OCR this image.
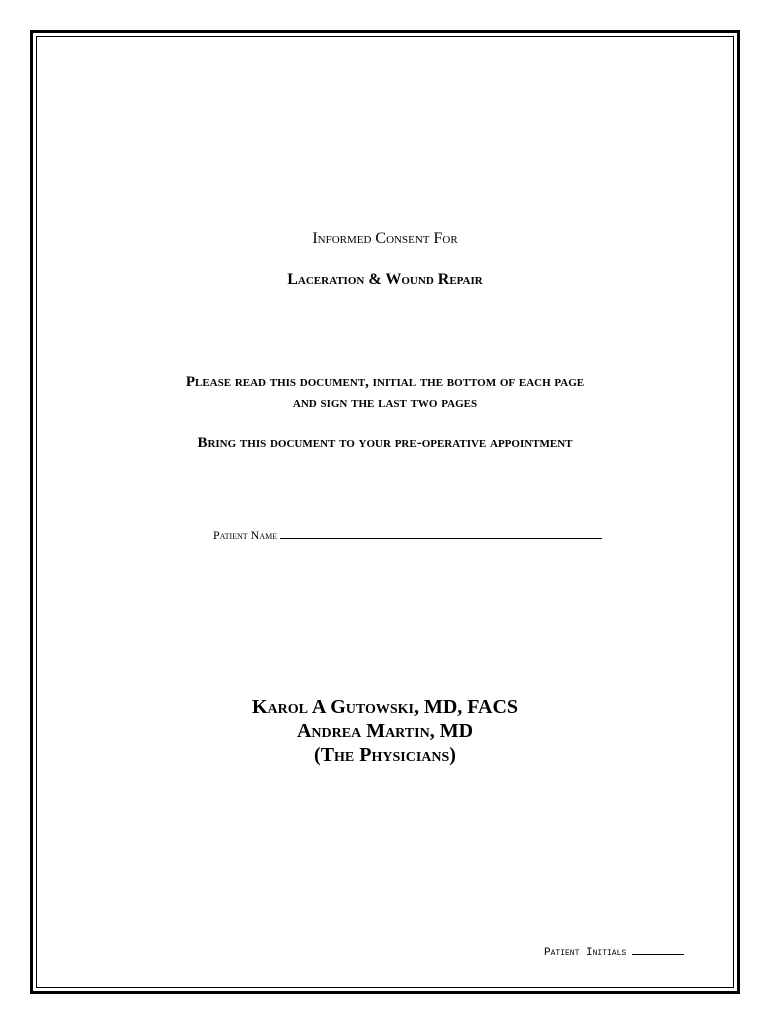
Informed Consent For
Laceration & Wound Repair
Please read this document, initial the bottom of each page
and sign the last two pages
Bring this document to your pre-operative appointment
Patient Name
Karol A Gutowski, MD, FACS
Andrea Martin, MD
(The Physicians)
Patient Initials
